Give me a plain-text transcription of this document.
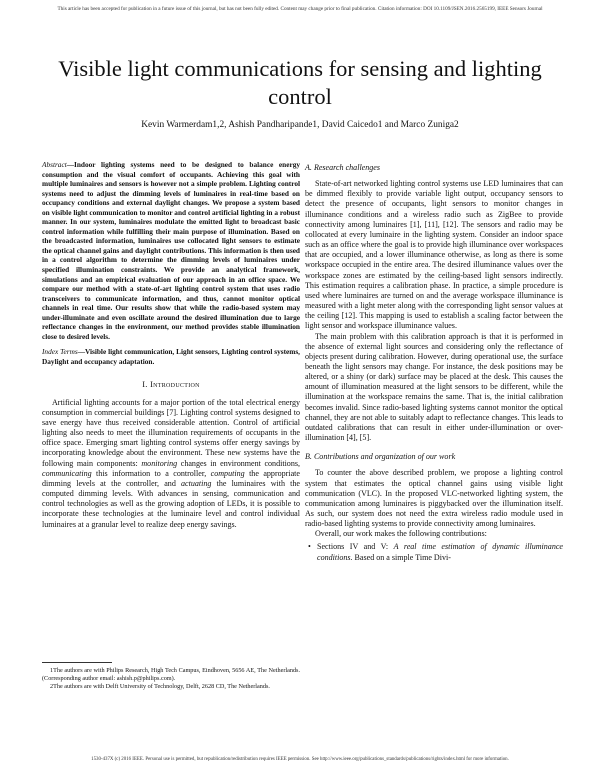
This article has been accepted for publication in a future issue of this journal, but has not been fully edited. Content may change prior to final publication. Citation information: DOI 10.1109/JSEN.2016.2565199, IEEE Sensors Journal
Visible light communications for sensing and lighting control
Kevin Warmerdam1,2, Ashish Pandharipande1, David Caicedo1 and Marco Zuniga2
Abstract—Indoor lighting systems need to be designed to balance energy consumption and the visual comfort of occupants. Achieving this goal with multiple luminaires and sensors is however not a simple problem. Lighting control systems need to adjust the dimming levels of luminaires in real-time based on occupancy conditions and external daylight changes. We propose a system based on visible light communication to monitor and control artificial lighting in a robust manner. In our system, luminaires modulate the emitted light to broadcast basic control information while fulfilling their main purpose of illumination. Based on the broadcasted information, luminaires use collocated light sensors to estimate the optical channel gains and daylight contributions. This information is then used in a control algorithm to determine the dimming levels of luminaires under specified illumination constraints. We provide an analytical framework, simulations and an empirical evaluation of our approach in an office space. We compare our method with a state-of-art lighting control system that uses radio transceivers to communicate information, and thus, cannot monitor optical channels in real time. Our results show that while the radio-based system may under-illuminate and even oscillate around the desired illumination due to large reflectance changes in the environment, our method provides stable illumination close to desired levels.
Index Terms—Visible light communication, Light sensors, Lighting control systems, Daylight and occupancy adaptation.
I. Introduction

Artificial lighting accounts for a major portion of the total electrical energy consumption in commercial buildings [7]. Lighting control systems designed to save energy have thus received considerable attention. Control of artificial lighting also needs to meet the illumination requirements of occupants in the office space. Emerging smart lighting control systems offer energy savings by incorporating knowledge about the environment. These new systems have the following main components: monitoring changes in environment conditions, communicating this information to a controller, computing the appropriate dimming levels at the controller, and actuating the luminaires with the computed dimming levels. With advances in sensing, communication and control technologies as well as the growing adoption of LEDs, it is possible to incorporate these technologies at the luminaire level and control individual luminaires at a granular level to realize deep energy savings.

1The authors are with Philips Research, High Tech Campus, Eindhoven, 5656 AE, The Netherlands. (Corresponding author email: ashish.p@philips.com).

2The authors are with Delft University of Technology, Delft, 2628 CD, The Netherlands.

A. Research challenges

State-of-art networked lighting control systems use LED luminaires that can be dimmed flexibly to provide variable light output, occupancy sensors to detect the presence of occupants, light sensors to monitor changes in illuminance conditions and a wireless radio such as ZigBee to provide connectivity among luminaires [1], [11], [12]. The sensors and radio may be collocated at every luminaire in the lighting system. Consider an indoor space such as an office where the goal is to provide high illuminance over workspaces that are occupied, and a lower illuminance otherwise, as long as there is some workspace occupied in the entire area. The desired illuminance values over the workspace zones are estimated by the ceiling-based light sensors indirectly. This estimation requires a calibration phase. In practice, a simple procedure is used where luminaires are turned on and the average workspace illuminance is measured with a light meter along with the corresponding light sensor values at the ceiling [12]. This mapping is used to establish a scaling factor between the light sensor and workspace illuminance values.

The main problem with this calibration approach is that it is performed in the absence of external light sources and considering only the reflectance of objects present during calibration. However, during operational use, the surface beneath the light sensors may change. For instance, the desk positions may be altered, or a shiny (or dark) surface may be placed at the desk. This causes the amount of illumination measured at the light sensors to be different, while the illumination at the workspace remains the same. That is, the initial calibration becomes invalid. Since radio-based lighting systems cannot monitor the optical channel, they are not able to suitably adapt to reflectance changes. This leads to outdated calibrations that can result in either under-illumination or over-illumination [4], [5].

B. Contributions and organization of our work

To counter the above described problem, we propose a lighting control system that estimates the optical channel gains using visible light communication (VLC). In the proposed VLC-networked lighting system, the communication among luminaires is piggybacked over the illumination itself. As such, our system does not need the extra wireless radio module used in radio-based lighting systems to provide connectivity among luminaires.

Overall, our work makes the following contributions:

• Sections IV and V: A real time estimation of dynamic illuminance conditions. Based on a simple Time Divi-
1530-437X (c) 2016 IEEE. Personal use is permitted, but republication/redistribution requires IEEE permission. See http://www.ieee.org/publications_standards/publications/rights/index.html for more information.
